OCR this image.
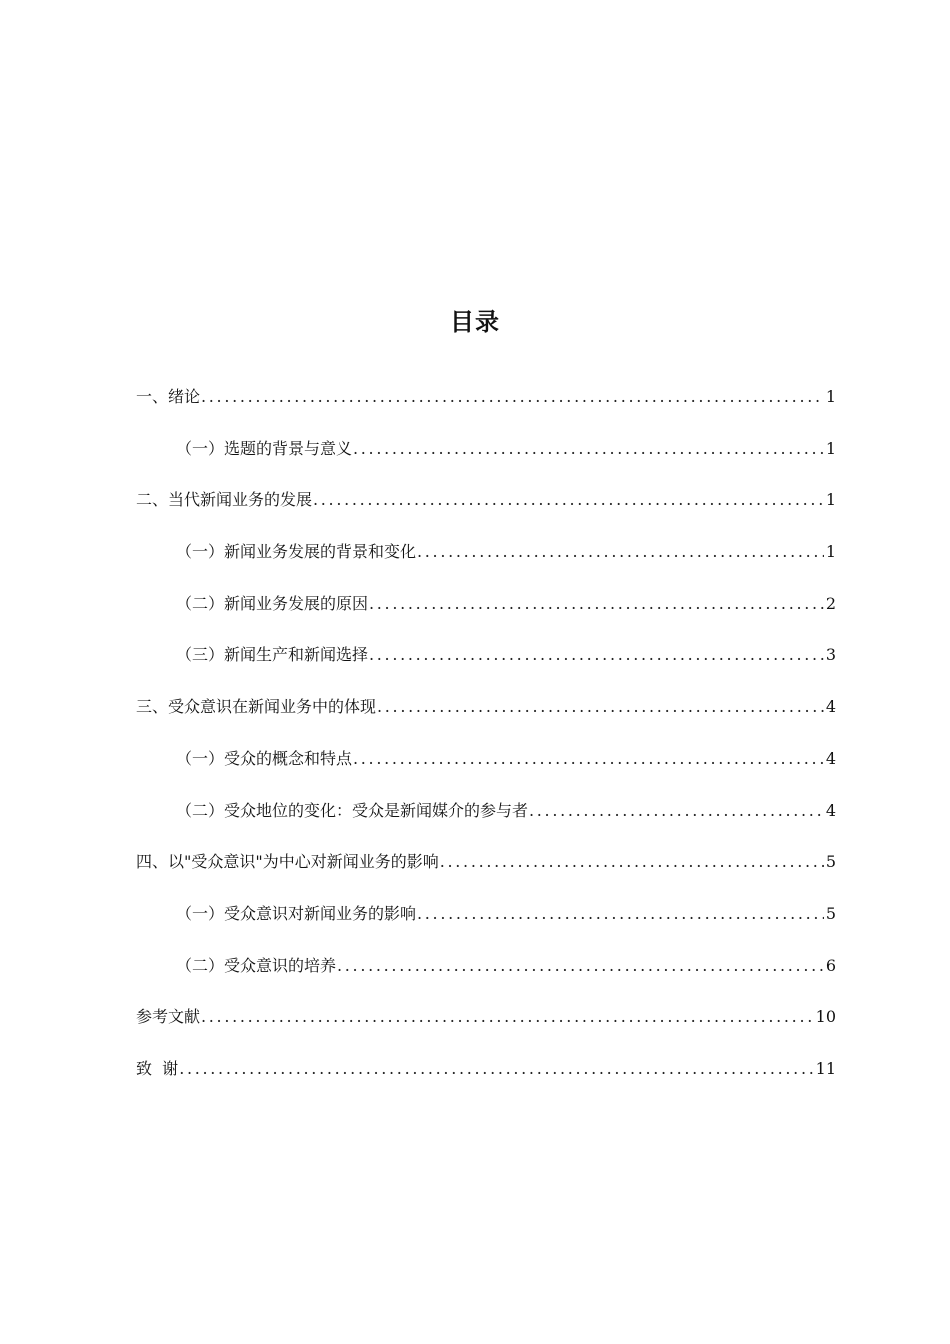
目录
一、绪论 . . .	1
（一）选题的背景与意义 . . .	1
二、当代新闻业务的发展 . . .	1
（一）新闻业务发展的背景和变化 . . .	1
（二）新闻业务发展的原因 . . .	2
（三）新闻生产和新闻选择 . . .	3
三、受众意识在新闻业务中的体现 . . .	4
（一）受众的概念和特点 . . .	4
（二）受众地位的变化：受众是新闻媒介的参与者 . . .	4
四、以"受众意识"为中心对新闻业务的影响 . . .	5
（一）受众意识对新闻业务的影响 . . .	5
（二）受众意识的培养 . . .	6
参考文献 . . .	10
致  谢 . . .	11
